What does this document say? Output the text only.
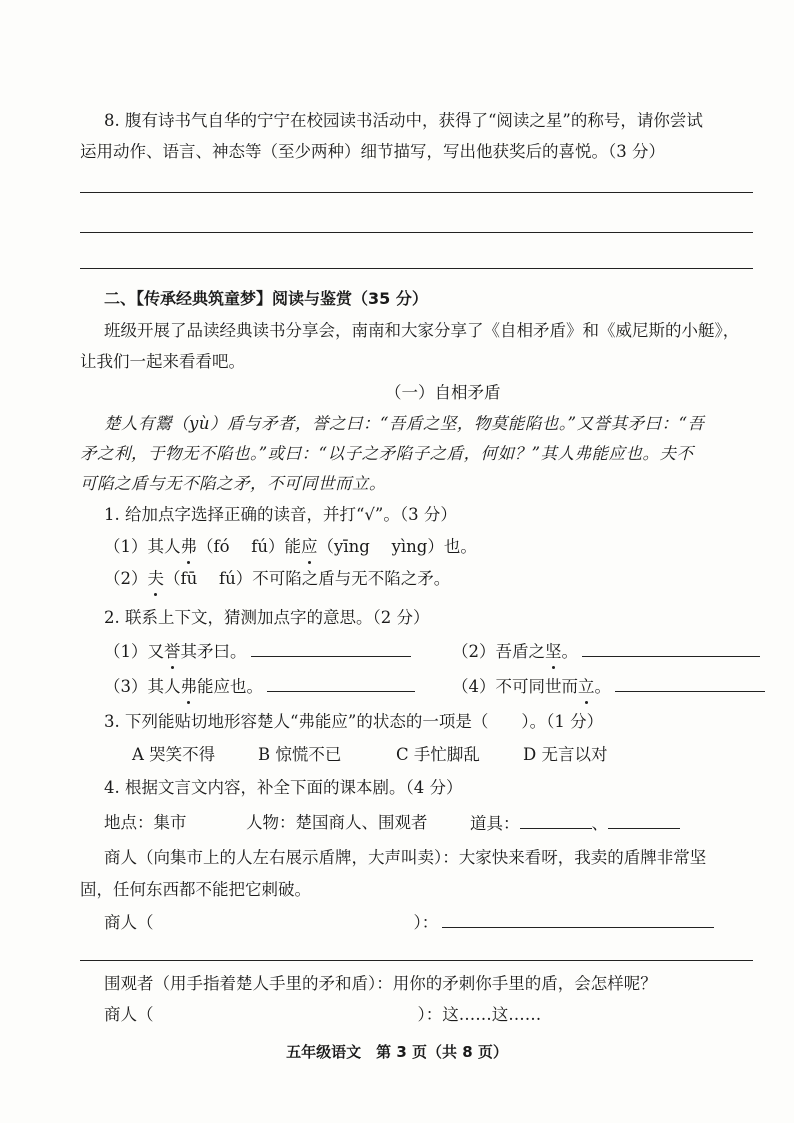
8. 腹有诗书气自华的宁宁在校园读书活动中，获得了“阅读之星”的称号，请你尝试
运用动作、语言、神态等（至少两种）细节描写，写出他获奖后的喜悦。（3 分）
二、【传承经典筑童梦】阅读与鉴赏（35 分）
班级开展了品读经典读书分享会，南南和大家分享了《自相矛盾》和《威尼斯的小艇》，
让我们一起来看看吧。
（一）自相矛盾
楚人有鬻（yù）盾与矛者，誉之曰：“吾盾之坚，物莫能陷也。”又誉其矛曰：“吾
矛之利，于物无不陷也。”或曰：“以子之矛陷子之盾，何如？”其人弗能应也。夫不
可陷之盾与无不陷之矛，不可同世而立。
1. 给加点字选择正确的读音，并打“√”。（3 分）
（1）其人弗（fó　 fú）能应（yīng　 yìng）也。
（2）夫（fū　 fú）不可陷之盾与无不陷之矛。
2. 联系上下文，猜测加点字的意思。（2 分）
（1）又誉其矛曰。	（2）吾盾之坚。
（3）其人弗能应也。	（4）不可同世而立。
3. 下列能贴切地形容楚人“弗能应”的状态的一项是（　　）。（1 分）
A 哭笑不得	B 惊慌不已	C 手忙脚乱	D 无言以对
4. 根据文言文内容，补全下面的课本剧。（4 分）
地点：集市	人物：楚国商人、围观者	道具：	、
商人（向集市上的人左右展示盾牌，大声叫卖）：大家快来看呀，我卖的盾牌非常坚
固，任何东西都不能把它刺破。
商人（	）：
围观者（用手指着楚人手里的矛和盾）：用你的矛刺你手里的盾，会怎样呢？
商人（	）：这……这……
五年级语文　第 3 页（共 8 页）
